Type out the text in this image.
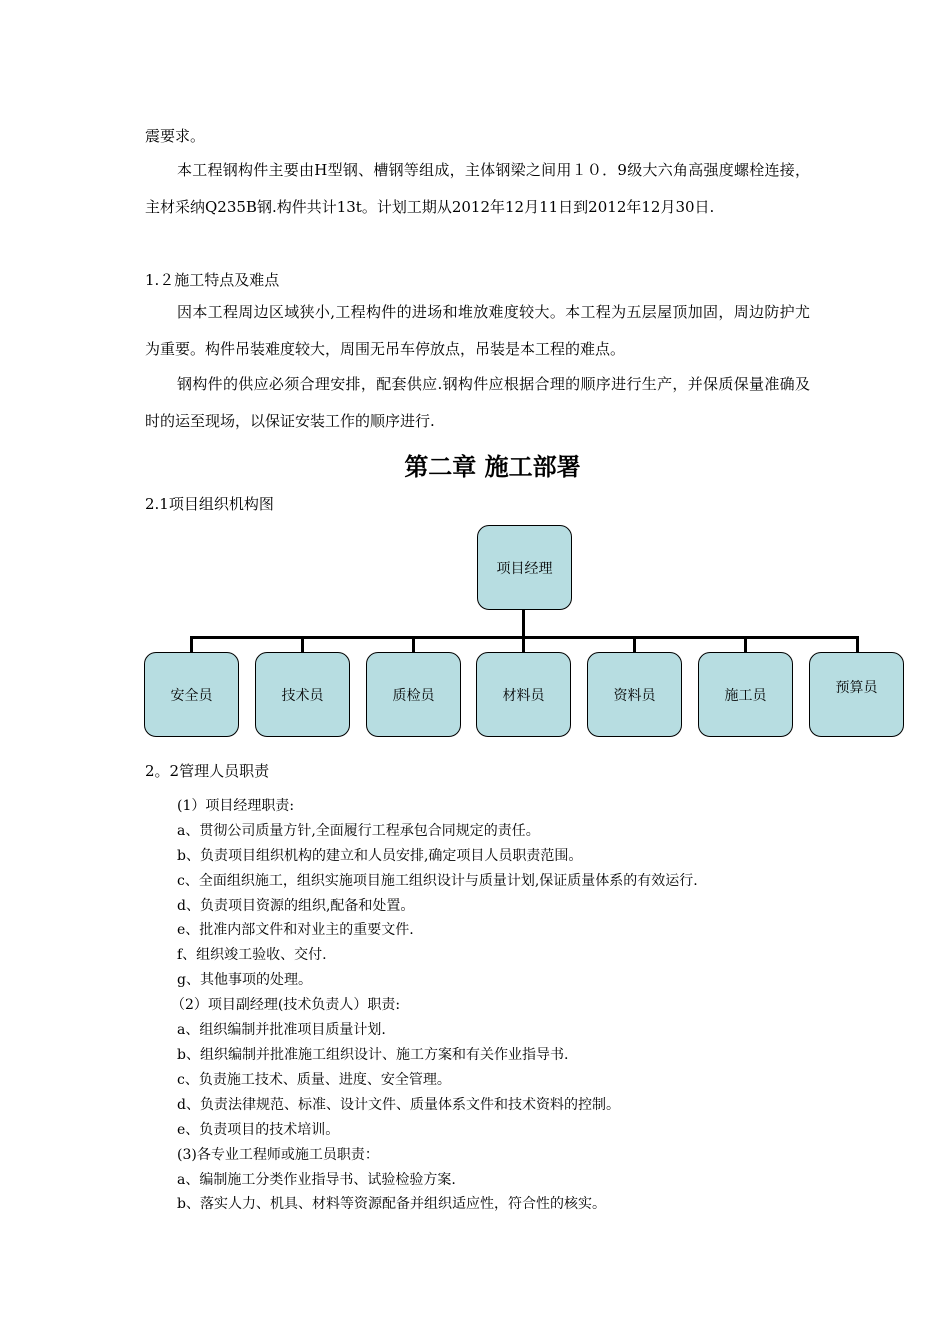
震要求。
本工程钢构件主要由H型钢、槽钢等组成，主体钢梁之间用１０．9级大六角高强度螺栓连接，主材采纳Q235B钢.构件共计13t。计划工期从2012年12月11日到2012年12月30日.
1.２施工特点及难点
因本工程周边区域狭小,工程构件的进场和堆放难度较大。本工程为五层屋顶加固，周边防护尤为重要。构件吊装难度较大，周围无吊车停放点，吊装是本工程的难点。
钢构件的供应必须合理安排，配套供应.钢构件应根据合理的顺序进行生产，并保质保量准确及时的运至现场，以保证安装工作的顺序进行.
第二章 施工部署
2.1项目组织机构图
项目经理
安全员	技术员	质检员	材料员	资料员	施工员	预算员
2。2管理人员职责
(1）项目经理职责:
a、贯彻公司质量方针,全面履行工程承包合同规定的责任。
b、负责项目组织机构的建立和人员安排,确定项目人员职责范围。
c、全面组织施工，组织实施项目施工组织设计与质量计划,保证质量体系的有效运行.
d、负责项目资源的组织,配备和处置。
e、批准内部文件和对业主的重要文件.
f、组织竣工验收、交付.
g、其他事项的处理。
（2）项目副经理(技术负责人）职责:
a、组织编制并批准项目质量计划.
b、组织编制并批准施工组织设计、施工方案和有关作业指导书.
c、负责施工技术、质量、进度、安全管理。
d、负责法律规范、标准、设计文件、质量体系文件和技术资料的控制。
e、负责项目的技术培训。
(3)各专业工程师或施工员职责：
a、编制施工分类作业指导书、试验检验方案.
b、落实人力、机具、材料等资源配备并组织适应性，符合性的核实。
